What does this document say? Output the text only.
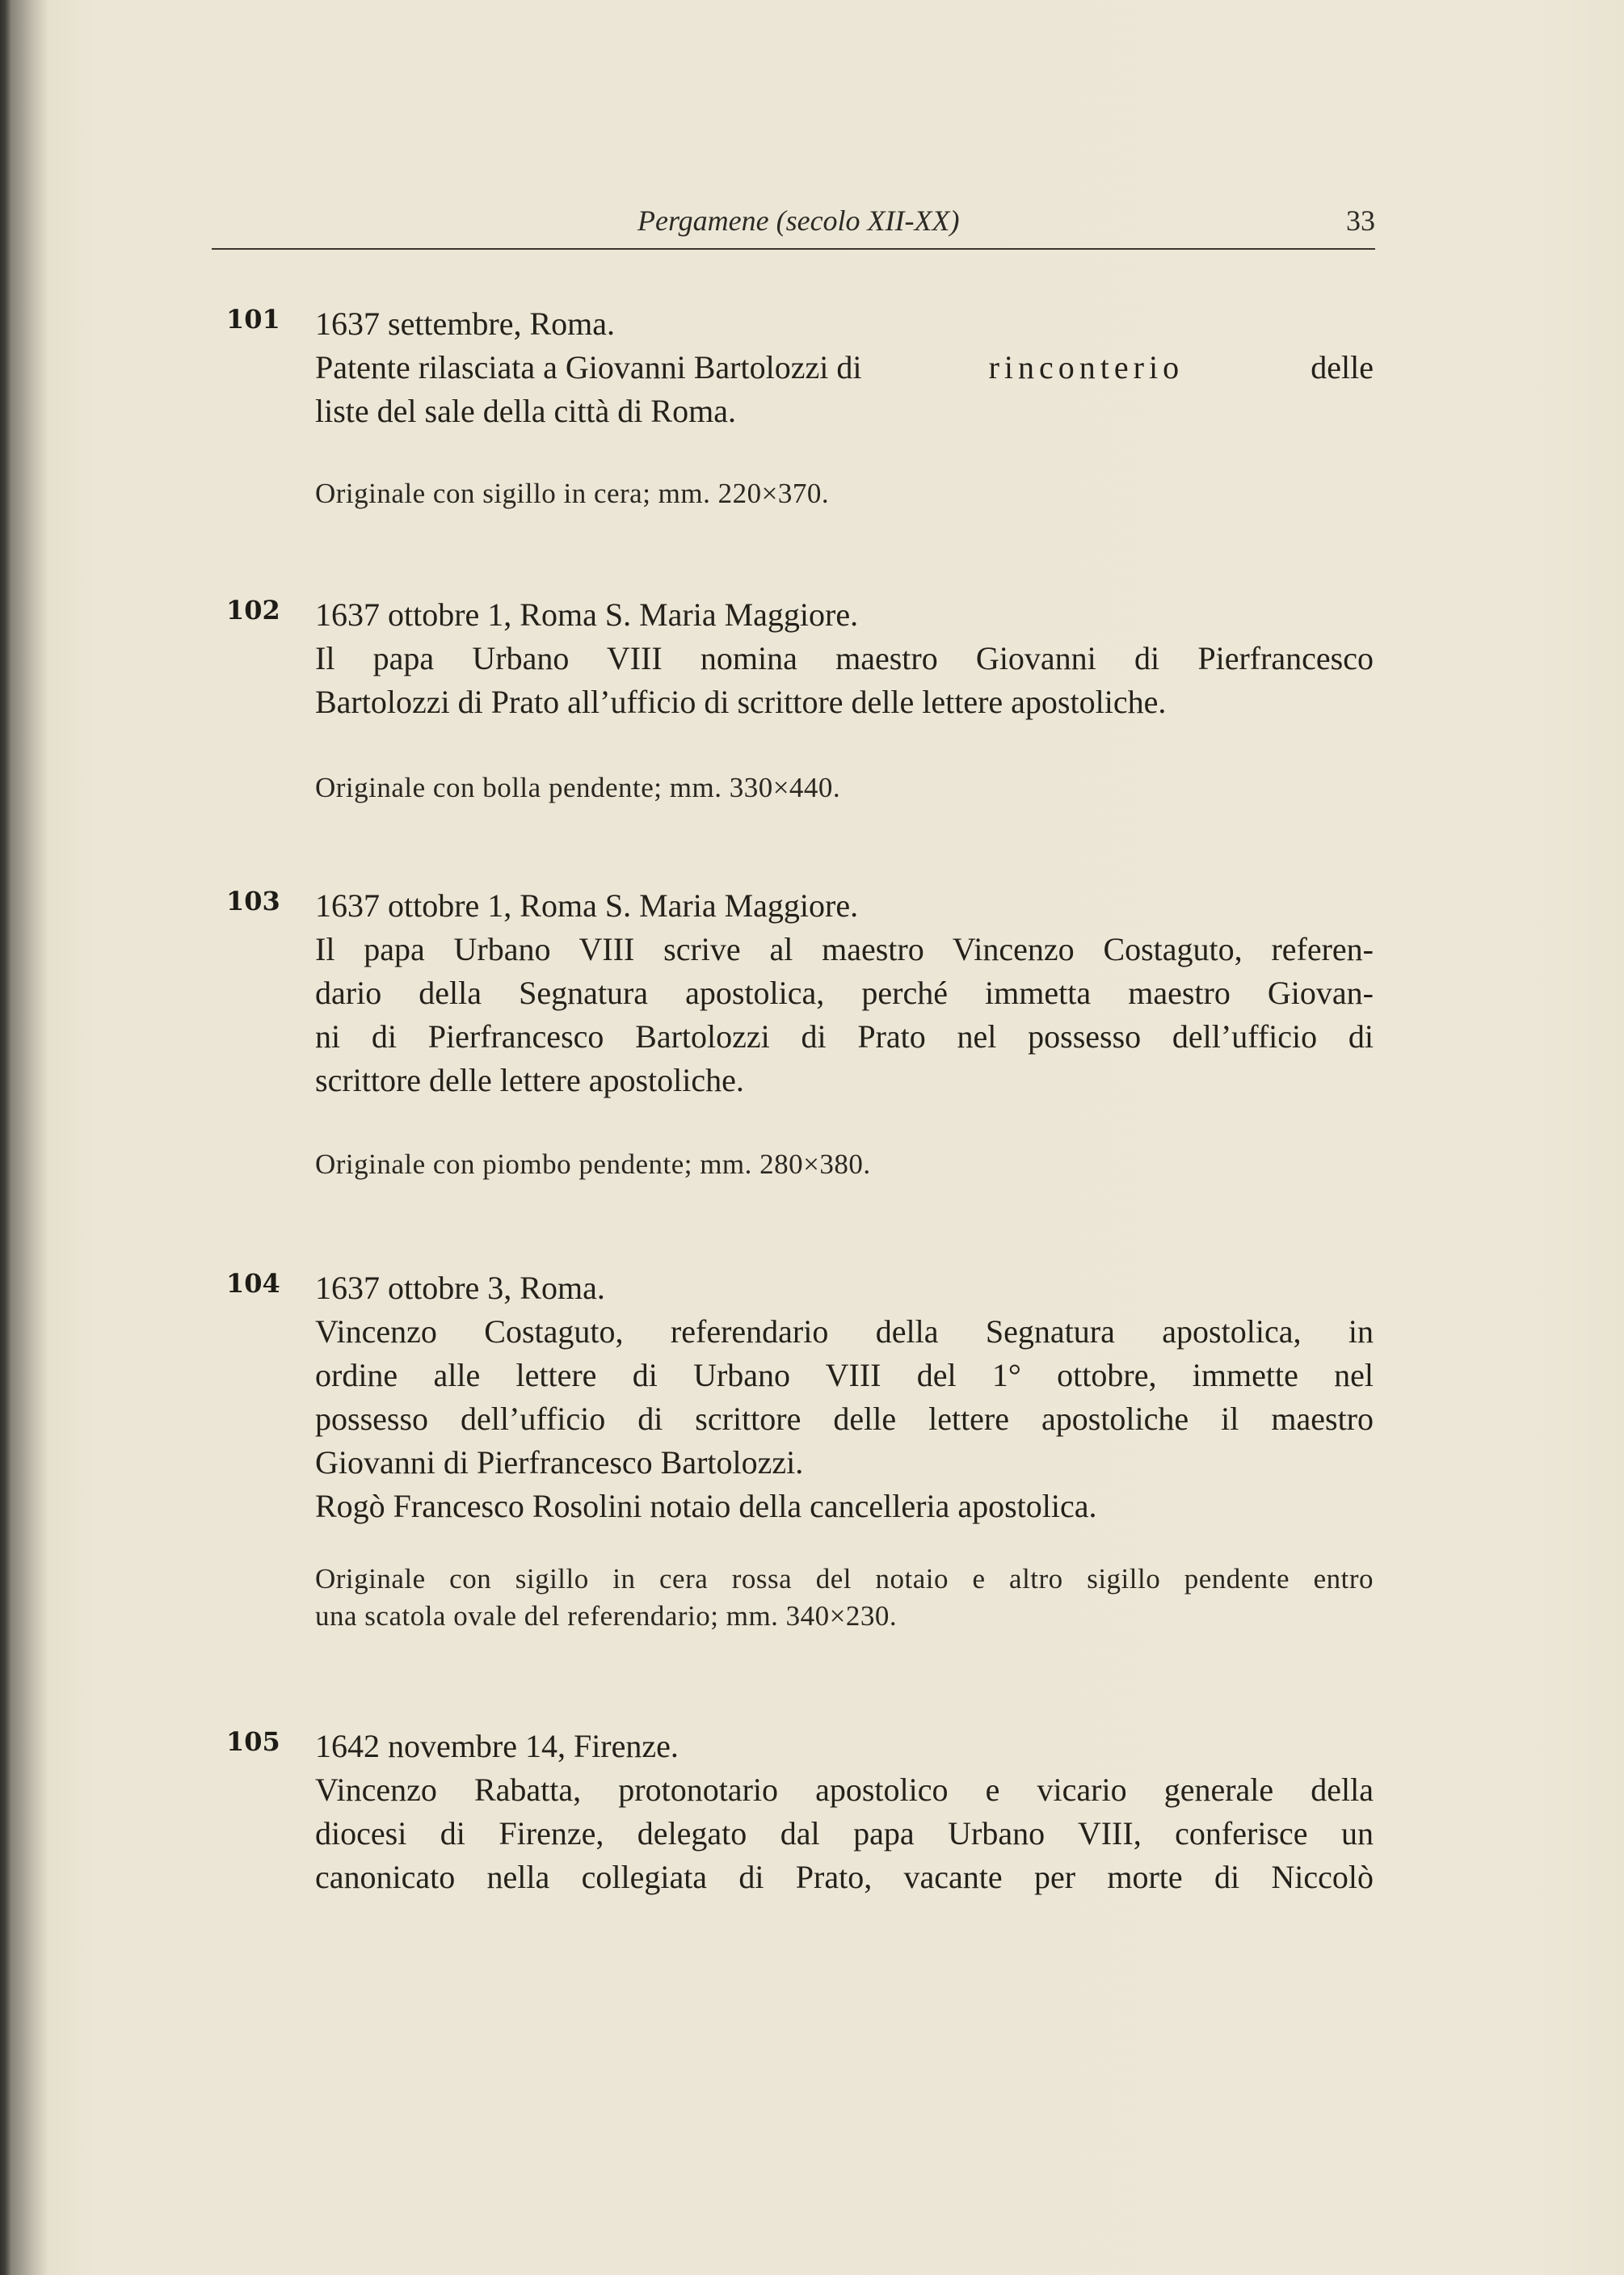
Pergamene (secolo XII-XX)	33
101 1637 settembre, Roma.
Patente rilasciata a Giovanni Bartolozzi di	rinconterio	delle
liste del sale della città di Roma.
Originale con sigillo in cera; mm. 220×370.
102 1637 ottobre 1, Roma S. Maria Maggiore.
Il papa Urbano VIII nomina maestro Giovanni di Pierfrancesco
Bartolozzi di Prato all’ufficio di scrittore delle lettere apostoliche.
Originale con bolla pendente; mm. 330×440.
103 1637 ottobre 1, Roma S. Maria Maggiore.
Il papa Urbano VIII scrive al maestro Vincenzo Costaguto, referen-
dario della Segnatura apostolica, perché immetta maestro Giovan-
ni di Pierfrancesco Bartolozzi di Prato nel possesso dell’ufficio di
scrittore delle lettere apostoliche.
Originale con piombo pendente; mm. 280×380.
104 1637 ottobre 3, Roma.
Vincenzo Costaguto, referendario della Segnatura apostolica, in
ordine alle lettere di Urbano VIII del 1° ottobre, immette nel
possesso dell’ufficio di scrittore delle lettere apostoliche il maestro
Giovanni di Pierfrancesco Bartolozzi.
Rogò Francesco Rosolini notaio della cancelleria apostolica.
Originale con sigillo in cera rossa del notaio e altro sigillo pendente entro
una scatola ovale del referendario; mm. 340×230.
105 1642 novembre 14, Firenze.
Vincenzo Rabatta, protonotario apostolico e vicario generale della
diocesi di Firenze, delegato dal papa Urbano VIII, conferisce un
canonicato nella collegiata di Prato, vacante per morte di Niccolò
